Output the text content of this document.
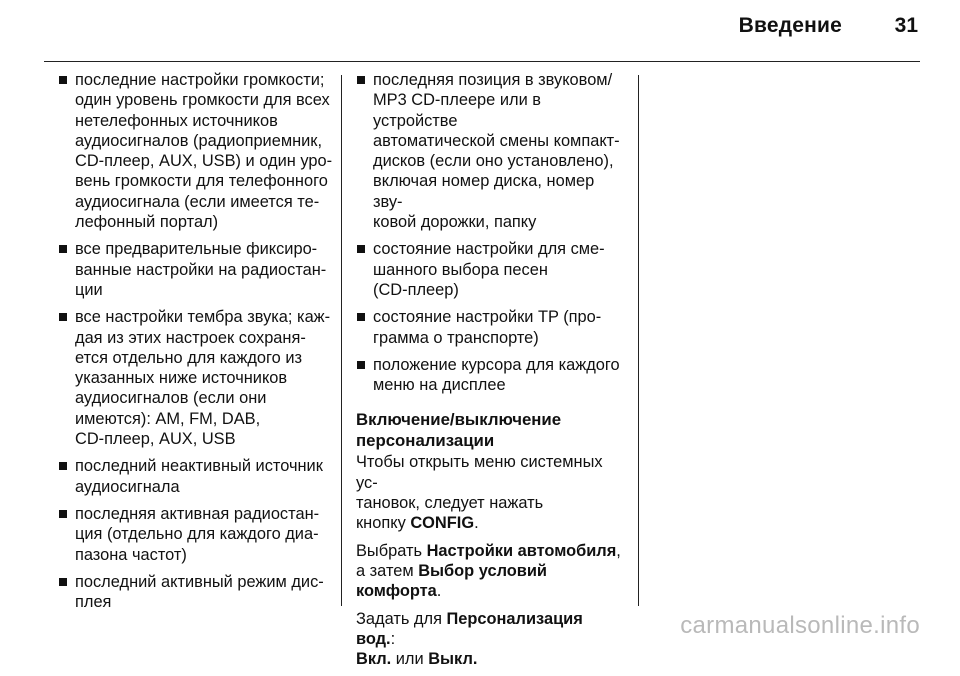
Введение	31
последние настройки громкости;
один уровень громкости для всех
нетелефонных источников
аудиосигналов (радиоприемник,
CD-плеер, AUX, USB) и один уро-
вень громкости для телефонного
аудиосигнала (если имеется те-
лефонный портал)
все предварительные фиксиро-
ванные настройки на радиостан-
ции
все настройки тембра звука; каж-
дая из этих настроек сохраня-
ется отдельно для каждого из
указанных ниже источников
аудиосигналов (если они
имеются): AM, FM, DAB,
CD-плеер, AUX, USB
последний неактивный источник
аудиосигнала
последняя активная радиостан-
ция (отдельно для каждого диа-
пазона частот)
последний активный режим дис-
плея
последняя позиция в звуковом/
MP3 CD-плеере или в устройстве
автоматической смены компакт-
дисков (если оно установлено),
включая номер диска, номер зву-
ковой дорожки, папку
состояние настройки для сме-
шанного выбора песен
(CD-плеер)
состояние настройки TP (про-
грамма о транспорте)
положение курсора для каждого
меню на дисплее
Включение/выключение
персонализации

Чтобы открыть меню системных ус-
тановок, следует нажать
кнопку CONFIG.

Выбрать Настройки автомобиля,
а затем Выбор условий комфорта.

Задать для Персонализация вод.:
Вкл. или Выкл.

carmanualsonline.info
